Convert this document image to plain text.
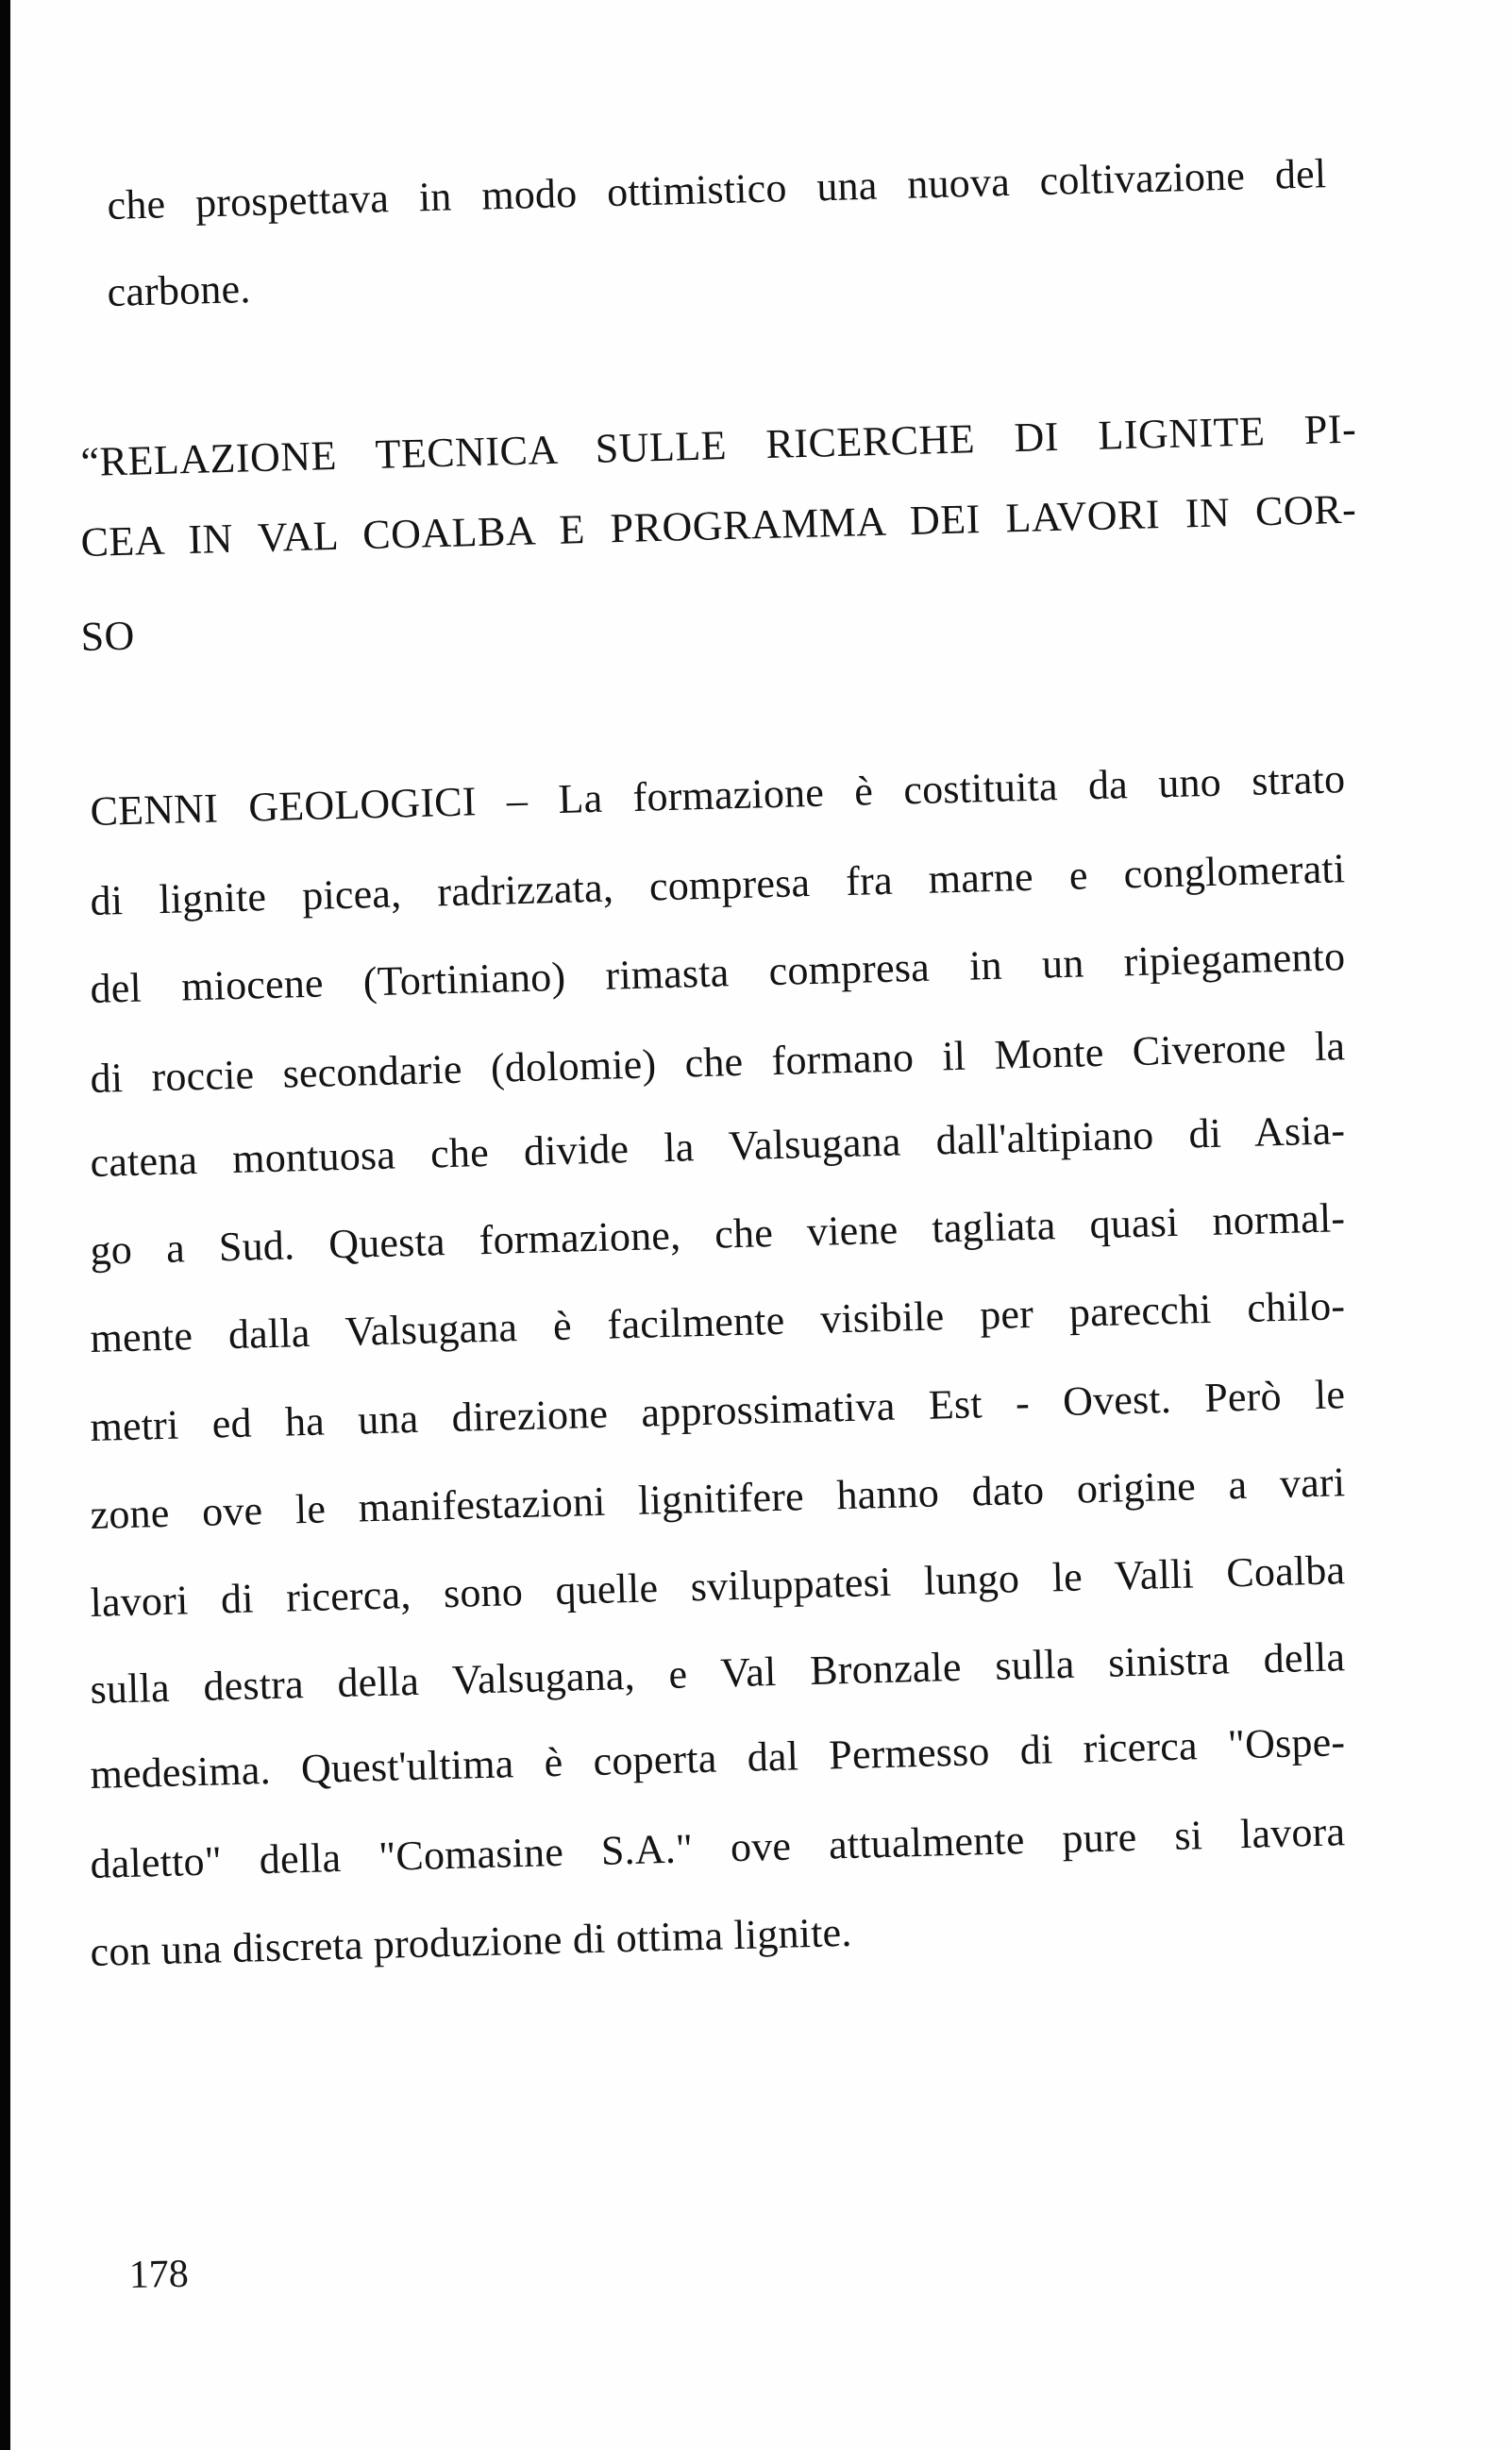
che prospettava in modo ottimistico una nuova coltivazione del
carbone.
“RELAZIONE TECNICA SULLE RICERCHE DI LIGNITE PI-
CEA IN VAL COALBA E PROGRAMMA DEI LAVORI IN COR-
SO
CENNI GEOLOGICI – La formazione è costituita da uno strato
di lignite picea, radrizzata, compresa fra marne e conglomerati
del miocene (Tortiniano) rimasta compresa in un ripiegamento
di roccie secondarie (dolomie) che formano il Monte Civerone la
catena montuosa che divide la Valsugana dall'altipiano di Asia-
go a Sud. Questa formazione, che viene tagliata quasi normal-
mente dalla Valsugana è facilmente visibile per parecchi chilo-
metri ed ha una direzione approssimativa Est - Ovest. Però le
zone ove le manifestazioni lignitifere hanno dato origine a vari
lavori di ricerca, sono quelle sviluppatesi lungo le Valli Coalba
sulla destra della Valsugana, e Val Bronzale sulla sinistra della
medesima. Quest'ultima è coperta dal Permesso di ricerca "Ospe-
daletto" della "Comasine S.A." ove attualmente pure si lavora
con una discreta produzione di ottima lignite.
178
